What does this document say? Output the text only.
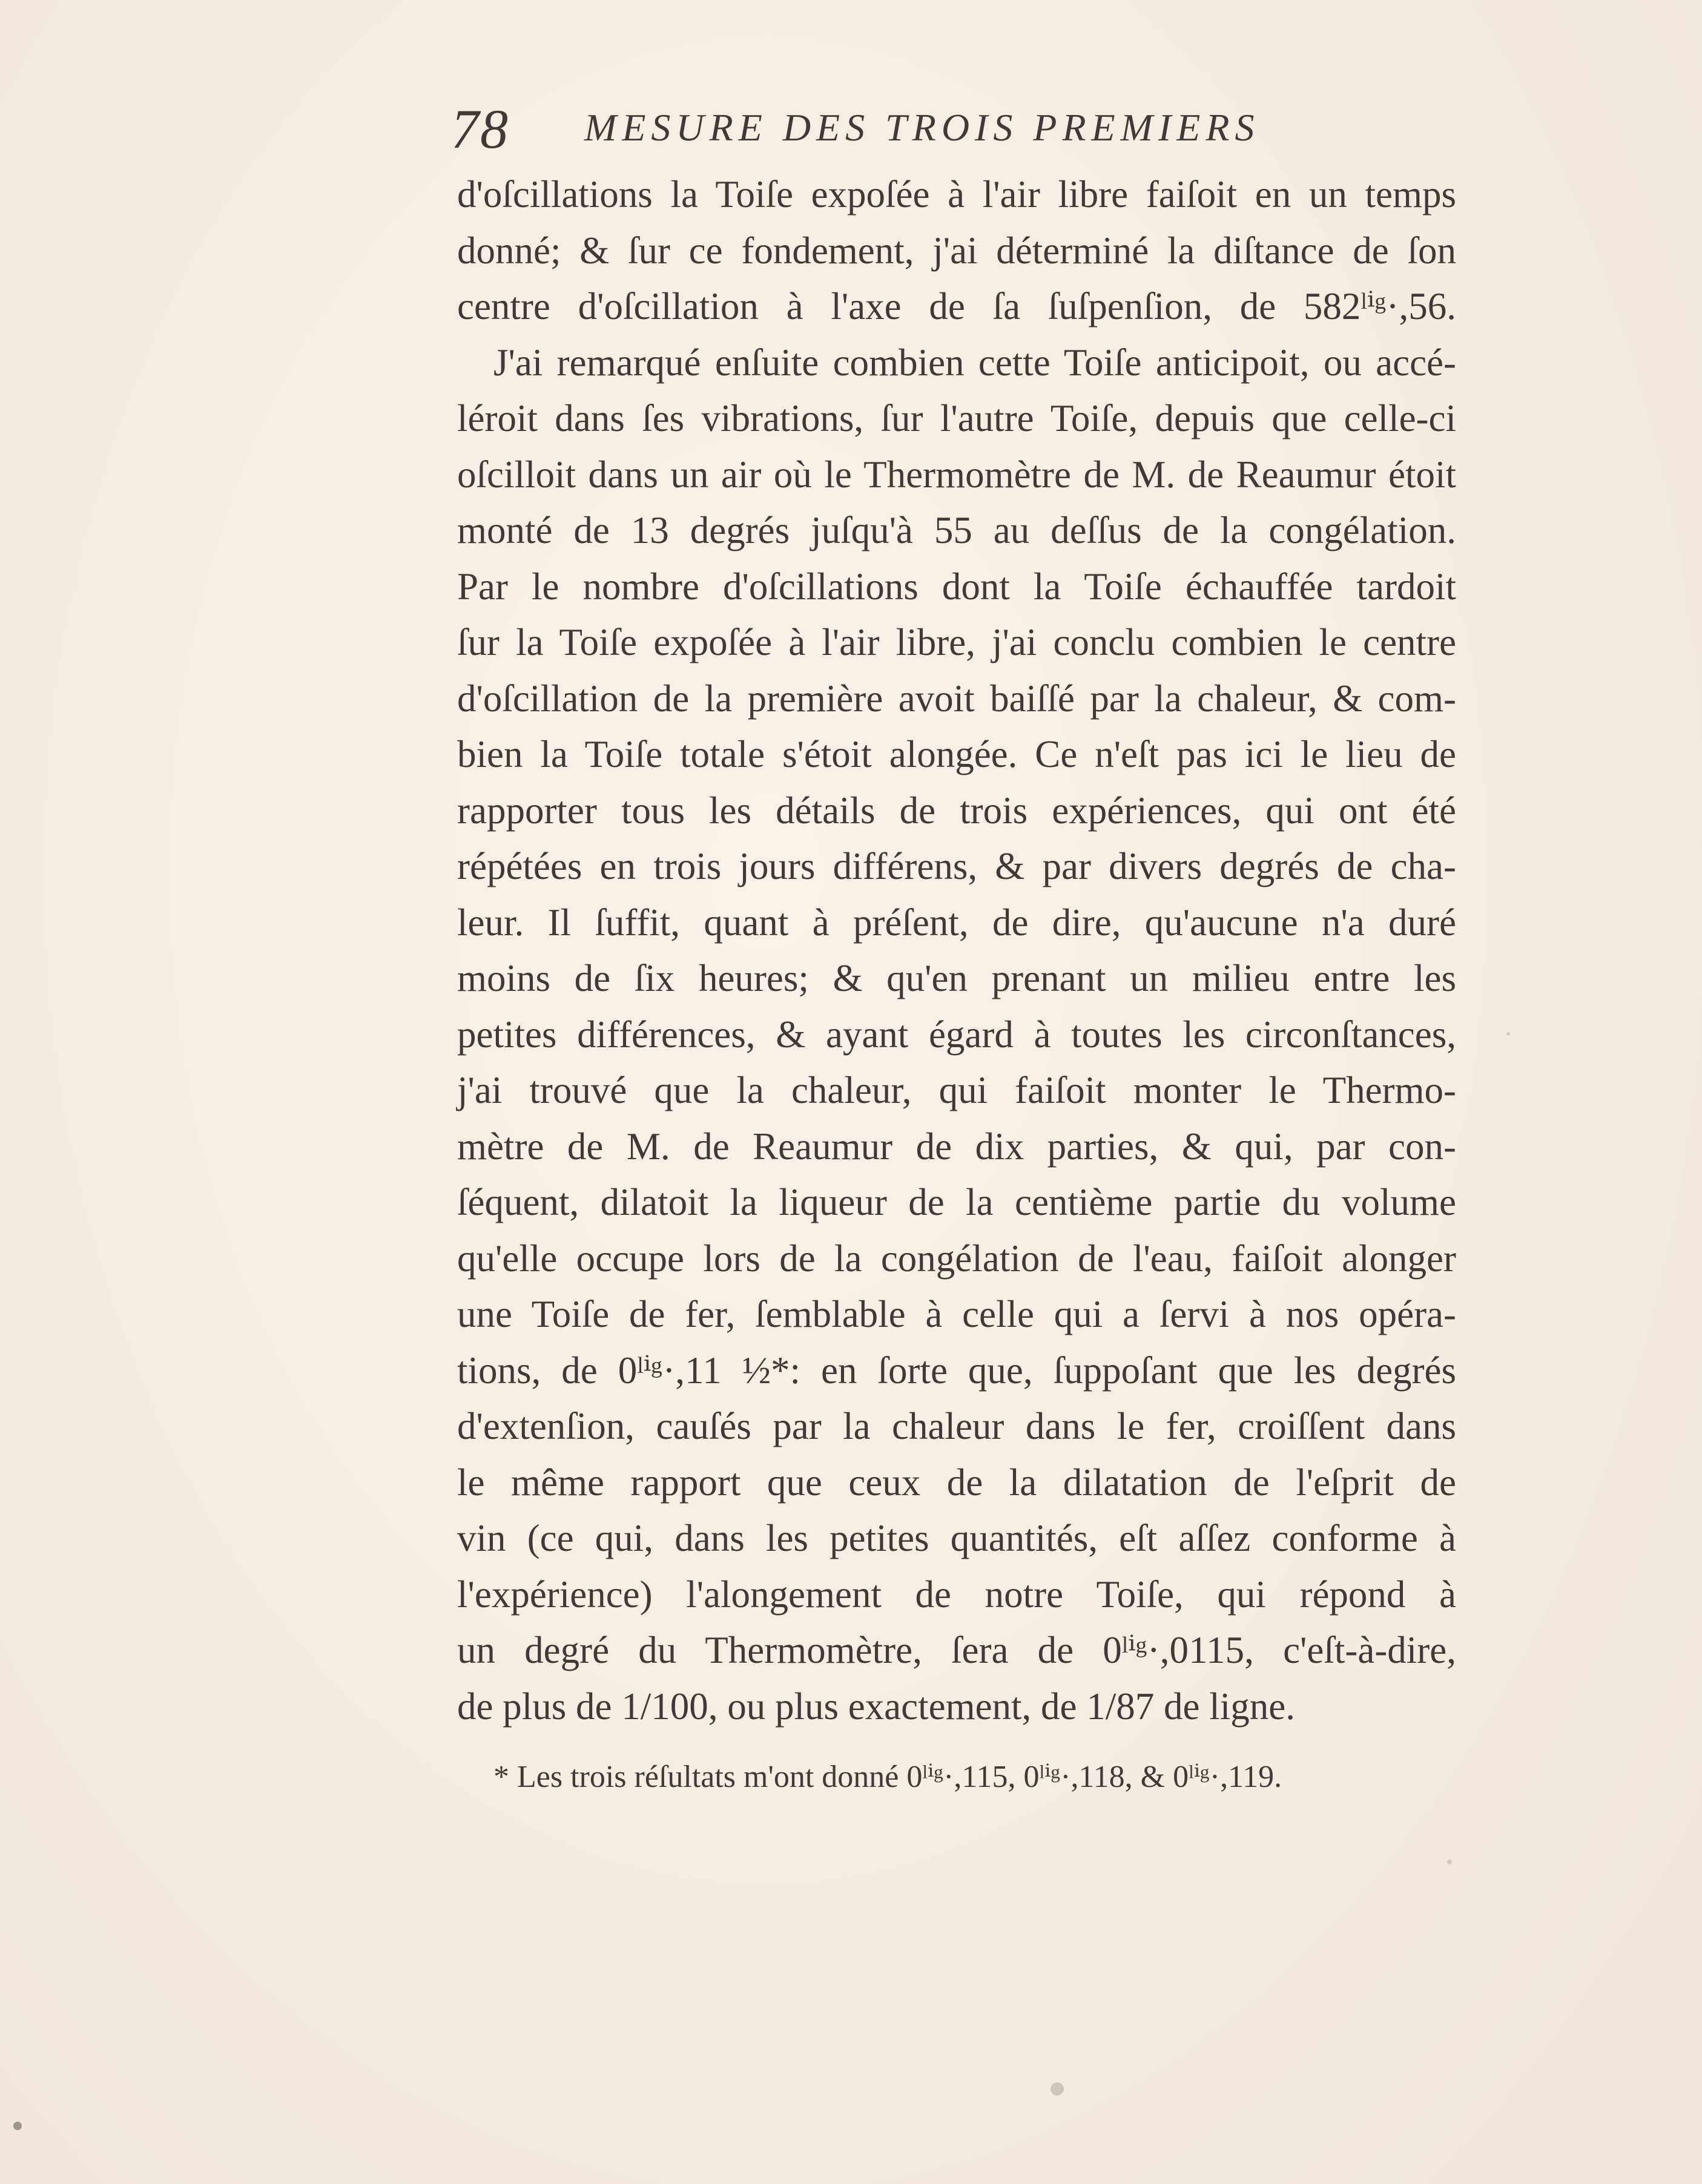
78 MESURE DES TROIS PREMIERS
d'oſcillations la Toiſe expoſée à l'air libre faiſoit en un temps
donné; & ſur ce fondement, j'ai déterminé la diſtance de ſon
centre d'oſcillation à l'axe de ſa ſuſpenſion, de 582ˡⁱᵍ·,56.
J'ai remarqué enſuite combien cette Toiſe anticipoit, ou accé-
léroit dans ſes vibrations, ſur l'autre Toiſe, depuis que celle-ci
oſcilloit dans un air où le Thermomètre de M. de Reaumur étoit
monté de 13 degrés juſqu'à 55 au deſſus de la congélation.
Par le nombre d'oſcillations dont la Toiſe échauffée tardoit
ſur la Toiſe expoſée à l'air libre, j'ai conclu combien le centre
d'oſcillation de la première avoit baiſſé par la chaleur, & com-
bien la Toiſe totale s'étoit alongée. Ce n'eſt pas ici le lieu de
rapporter tous les détails de trois expériences, qui ont été
répétées en trois jours différens, & par divers degrés de cha-
leur. Il ſuffit, quant à préſent, de dire, qu'aucune n'a duré
moins de ſix heures; & qu'en prenant un milieu entre les
petites différences, & ayant égard à toutes les circonſtances,
j'ai trouvé que la chaleur, qui faiſoit monter le Thermo-
mètre de M. de Reaumur de dix parties, & qui, par con-
ſéquent, dilatoit la liqueur de la centième partie du volume
qu'elle occupe lors de la congélation de l'eau, faiſoit alonger
une Toiſe de fer, ſemblable à celle qui a ſervi à nos opéra-
tions, de 0ˡⁱᵍ·,11 ½*: en ſorte que, ſuppoſant que les degrés
d'extenſion, cauſés par la chaleur dans le fer, croiſſent dans
le même rapport que ceux de la dilatation de l'eſprit de
vin (ce qui, dans les petites quantités, eſt aſſez conforme à
l'expérience) l'alongement de notre Toiſe, qui répond à
un degré du Thermomètre, ſera de 0ˡⁱᵍ·,0115, c'eſt-à-dire,
de plus de 1/100, ou plus exactement, de 1/87 de ligne.
* Les trois réſultats m'ont donné 0ˡⁱᵍ·,115, 0ˡⁱᵍ·,118, & 0ˡⁱᵍ·,119.
